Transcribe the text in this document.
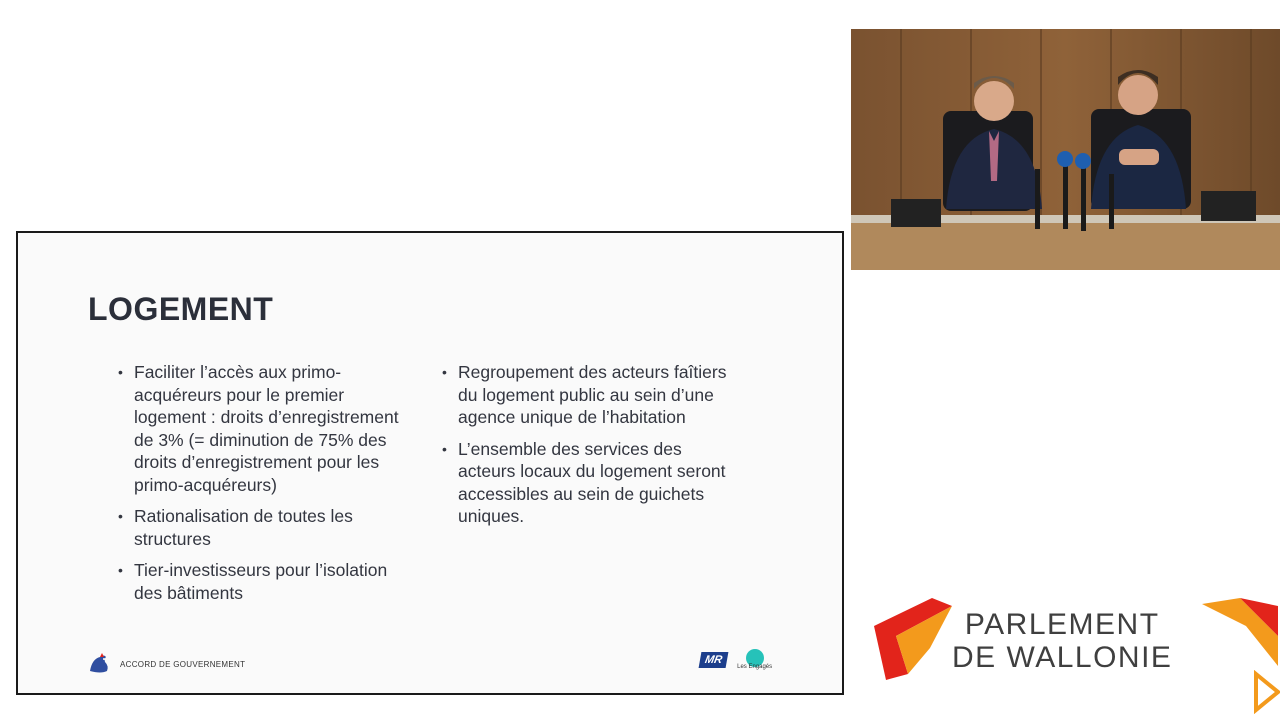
LOGEMENT
• Faciliter l’accès aux primo-acquéreurs pour le premier logement : droits d’enregistrement de 3% (= diminution de 75% des droits d’enregistrement pour les primo-acquéreurs)
• Rationalisation de toutes les structures
• Tier-investisseurs pour l’isolation des bâtiments
• Regroupement des acteurs faîtiers du logement public au sein d’une agence unique de l’habitation
• L’ensemble des services des acteurs locaux du logement seront accessibles au sein de guichets uniques.
ACCORD DE GOUVERNEMENT	MR
Les Engagés
PARLEMENT
DE WALLONIE
